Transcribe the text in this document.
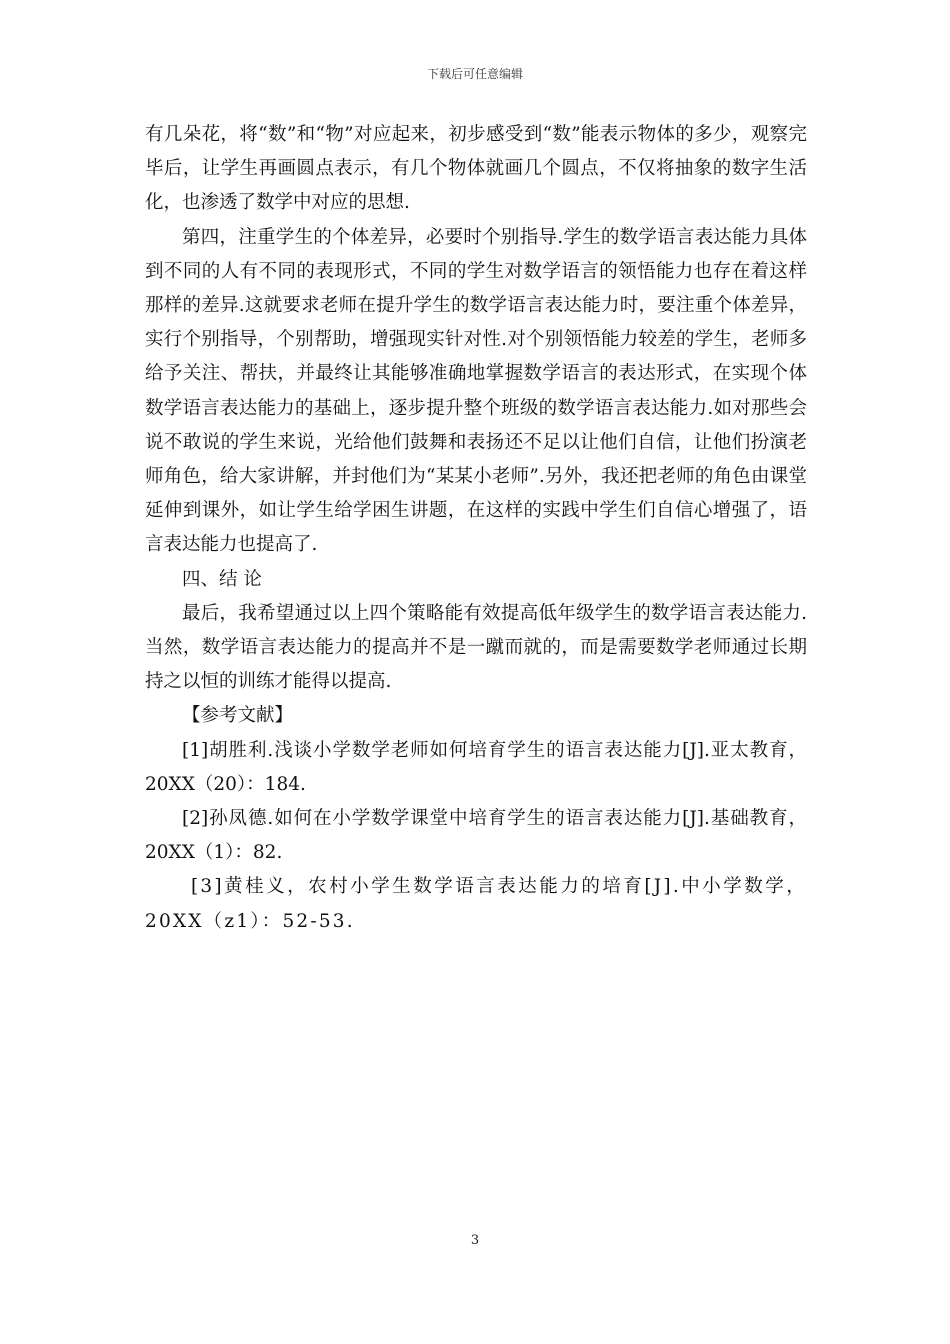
下载后可任意编辑

有几朵花，将“数”和“物”对应起来，初步感受到“数”能表示物体的多少，观察完毕后，让学生再画圆点表示，有几个物体就画几个圆点，不仅将抽象的数字生活化，也渗透了数学中对应的思想.

第四，注重学生的个体差异，必要时个别指导.学生的数学语言表达能力具体到不同的人有不同的表现形式，不同的学生对数学语言的领悟能力也存在着这样那样的差异.这就要求老师在提升学生的数学语言表达能力时，要注重个体差异，实行个别指导，个别帮助，增强现实针对性.对个别领悟能力较差的学生，老师多给予关注、帮扶，并最终让其能够准确地掌握数学语言的表达形式，在实现个体数学语言表达能力的基础上，逐步提升整个班级的数学语言表达能力.如对那些会说不敢说的学生来说，光给他们鼓舞和表扬还不足以让他们自信，让他们扮演老师角色，给大家讲解，并封他们为“某某小老师”.另外，我还把老师的角色由课堂延伸到课外，如让学生给学困生讲题，在这样的实践中学生们自信心增强了，语言表达能力也提高了.

四、结 论

最后，我希望通过以上四个策略能有效提高低年级学生的数学语言表达能力.当然，数学语言表达能力的提高并不是一蹴而就的，而是需要数学老师通过长期持之以恒的训练才能得以提高.

【参考文献】

[1]胡胜利.浅谈小学数学老师如何培育学生的语言表达能力[J].亚太教育，20XX（20）：184.

[2]孙凤德.如何在小学数学课堂中培育学生的语言表达能力[J].基础教育，20XX（1）：82.

[3]黄桂义，农村小学生数学语言表达能力的培育[J].中小学数学，20XX（z1）：52-53.

3
